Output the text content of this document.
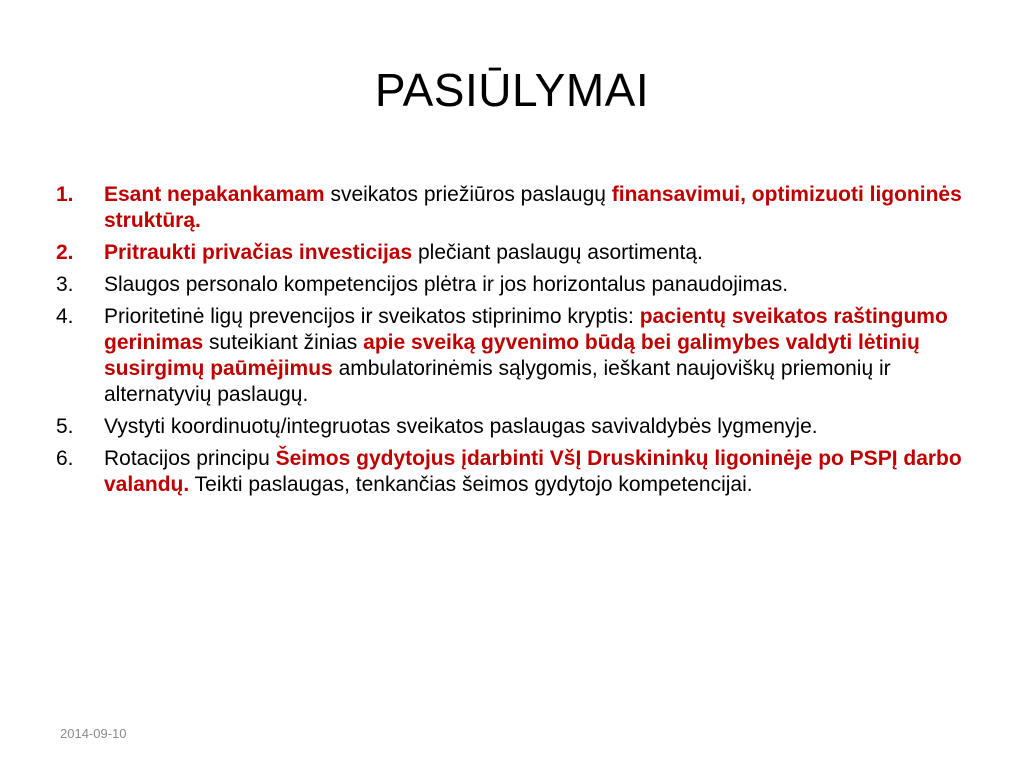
PASIŪLYMAI
1.	Esant nepakankamam sveikatos priežiūros paslaugų finansavimui, optimizuoti ligoninės struktūrą.
2.	Pritraukti privačias investicijas plečiant paslaugų asortimentą.
3.	Slaugos personalo kompetencijos plėtra ir jos horizontalus panaudojimas.
4.	Prioritetinė ligų prevencijos ir sveikatos stiprinimo kryptis: pacientų sveikatos raštingumo gerinimas suteikiant žinias apie sveiką gyvenimo būdą bei galimybes valdyti lėtinių susirgimų paūmėjimus ambulatorinėmis sąlygomis, ieškant naujoviškų priemonių ir alternatyvių paslaugų.
5.	Vystyti koordinuotų/integruotas sveikatos paslaugas savivaldybės lygmenyje.
6.	Rotacijos principu Šeimos gydytojus įdarbinti VšĮ Druskininkų ligoninėje po PSPĮ darbo valandų. Teikti paslaugas, tenkančias šeimos gydytojo kompetencijai.
2014-09-10
